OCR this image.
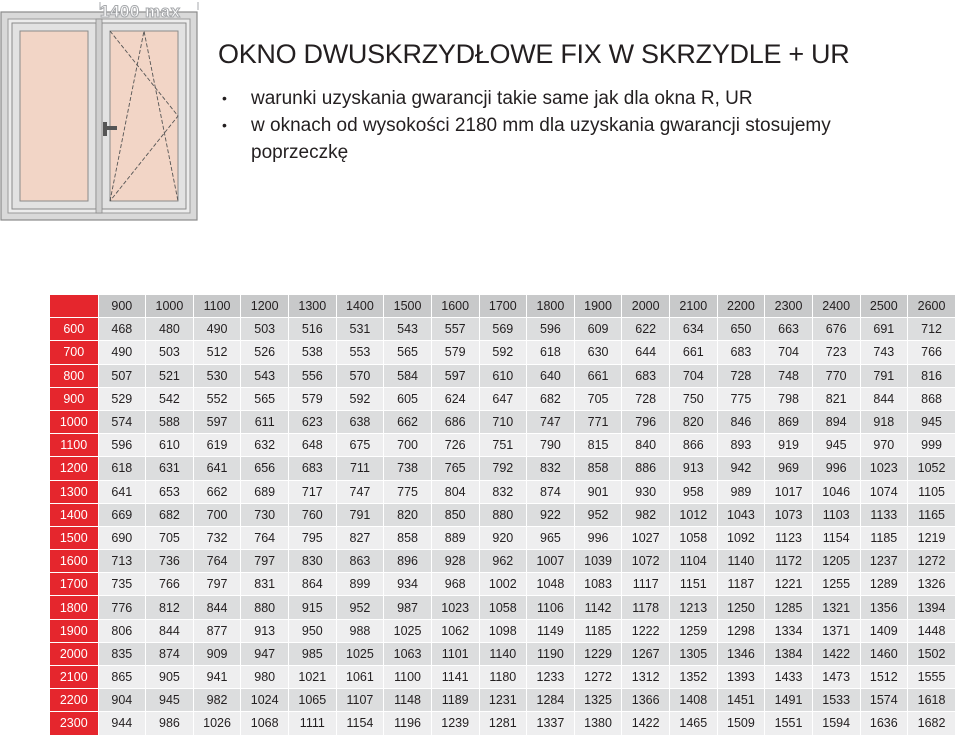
1400 max
OKNO DWUSKRZYDŁOWE FIX W SKRZYDLE + UR
• warunki uzyskania gwarancji takie same jak dla okna R, UR
• w oknach od wysokości 2180 mm dla uzyskania gwarancji stosujemy poprzeczkę
	900	1000	1100	1200	1300	1400	1500	1600	1700	1800	1900	2000	2100	2200	2300	2400	2500	2600
600	468	480	490	503	516	531	543	557	569	596	609	622	634	650	663	676	691	712
700	490	503	512	526	538	553	565	579	592	618	630	644	661	683	704	723	743	766
800	507	521	530	543	556	570	584	597	610	640	661	683	704	728	748	770	791	816
900	529	542	552	565	579	592	605	624	647	682	705	728	750	775	798	821	844	868
1000	574	588	597	611	623	638	662	686	710	747	771	796	820	846	869	894	918	945
1100	596	610	619	632	648	675	700	726	751	790	815	840	866	893	919	945	970	999
1200	618	631	641	656	683	711	738	765	792	832	858	886	913	942	969	996	1023	1052
1300	641	653	662	689	717	747	775	804	832	874	901	930	958	989	1017	1046	1074	1105
1400	669	682	700	730	760	791	820	850	880	922	952	982	1012	1043	1073	1103	1133	1165
1500	690	705	732	764	795	827	858	889	920	965	996	1027	1058	1092	1123	1154	1185	1219
1600	713	736	764	797	830	863	896	928	962	1007	1039	1072	1104	1140	1172	1205	1237	1272
1700	735	766	797	831	864	899	934	968	1002	1048	1083	1117	1151	1187	1221	1255	1289	1326
1800	776	812	844	880	915	952	987	1023	1058	1106	1142	1178	1213	1250	1285	1321	1356	1394
1900	806	844	877	913	950	988	1025	1062	1098	1149	1185	1222	1259	1298	1334	1371	1409	1448
2000	835	874	909	947	985	1025	1063	1101	1140	1190	1229	1267	1305	1346	1384	1422	1460	1502
2100	865	905	941	980	1021	1061	1100	1141	1180	1233	1272	1312	1352	1393	1433	1473	1512	1555
2200	904	945	982	1024	1065	1107	1148	1189	1231	1284	1325	1366	1408	1451	1491	1533	1574	1618
2300	944	986	1026	1068	1111	1154	1196	1239	1281	1337	1380	1422	1465	1509	1551	1594	1636	1682
